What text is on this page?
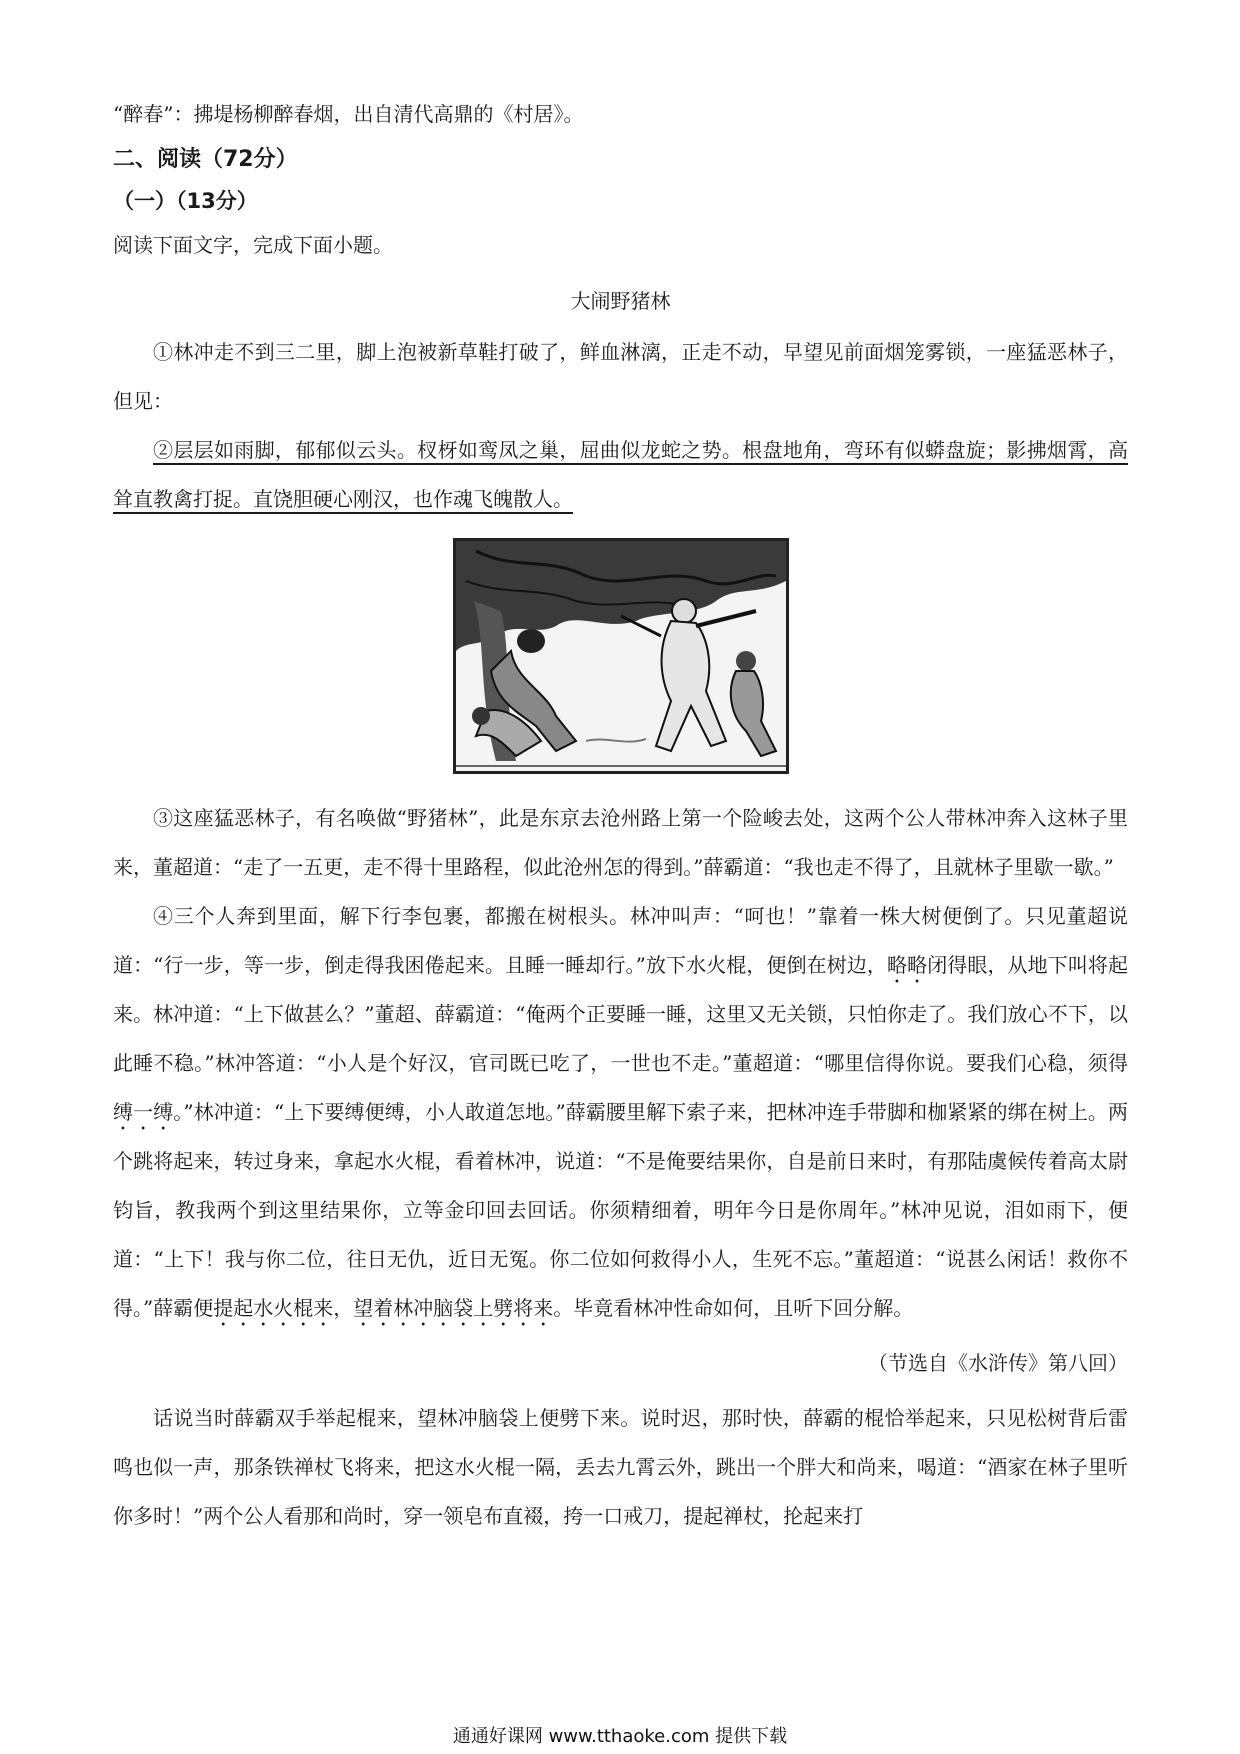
“醉春”：拂堤杨柳醉春烟，出自清代高鼎的《村居》。
二、阅读（72分）
（一）（13分）
阅读下面文字，完成下面小题。
大闹野猪林

①林冲走不到三二里，脚上泡被新草鞋打破了，鲜血淋漓，正走不动，早望见前面烟笼雾锁，一座猛恶林子，但见：

②层层如雨脚，郁郁似云头。杈枒如鸾凤之巢，屈曲似龙蛇之势。根盘地角，弯环有似蟒盘旋；影拂烟霄，高耸直教禽打捉。直饶胆硬心刚汉，也作魂飞魄散人。

③这座猛恶林子，有名唤做“野猪林”，此是东京去沧州路上第一个险峻去处，这两个公人带林冲奔入这林子里来，董超道：“走了一五更，走不得十里路程，似此沧州怎的得到。”薛霸道：“我也走不得了，且就林子里歇一歇。”

④三个人奔到里面，解下行李包裹，都搬在树根头。林冲叫声：“呵也！”靠着一株大树便倒了。只见董超说道：“行一步，等一步，倒走得我困倦起来。且睡一睡却行。”放下水火棍，便倒在树边，略略闭得眼，从地下叫将起来。林冲道：“上下做甚么？”董超、薛霸道：“俺两个正要睡一睡，这里又无关锁，只怕你走了。我们放心不下，以此睡不稳。”林冲答道：“小人是个好汉，官司既已吃了，一世也不走。”董超道：“哪里信得你说。要我们心稳，须得缚一缚。”林冲道：“上下要缚便缚，小人敢道怎地。”薛霸腰里解下索子来，把林冲连手带脚和枷紧紧的绑在树上。两个跳将起来，转过身来，拿起水火棍，看着林冲，说道：“不是俺要结果你，自是前日来时，有那陆虞候传着高太尉钧旨，教我两个到这里结果你，立等金印回去回话。你须精细着，明年今日是你周年。”林冲见说，泪如雨下，便道：“上下！我与你二位，往日无仇，近日无冤。你二位如何救得小人，生死不忘。”董超道：“说甚么闲话！救你不得。”薛霸便提起水火棍来，望着林冲脑袋上劈将来。毕竟看林冲性命如何，且听下回分解。

（节选自《水浒传》第八回）

话说当时薛霸双手举起棍来，望林冲脑袋上便劈下来。说时迟，那时快，薛霸的棍恰举起来，只见松树背后雷鸣也似一声，那条铁禅杖飞将来，把这水火棍一隔，丢去九霄云外，跳出一个胖大和尚来，喝道：“酒家在林子里听你多时！”两个公人看那和尚时，穿一领皂布直裰，挎一口戒刀，提起禅杖，抡起来打

通通好课网 www.tthaoke.com 提供下载
